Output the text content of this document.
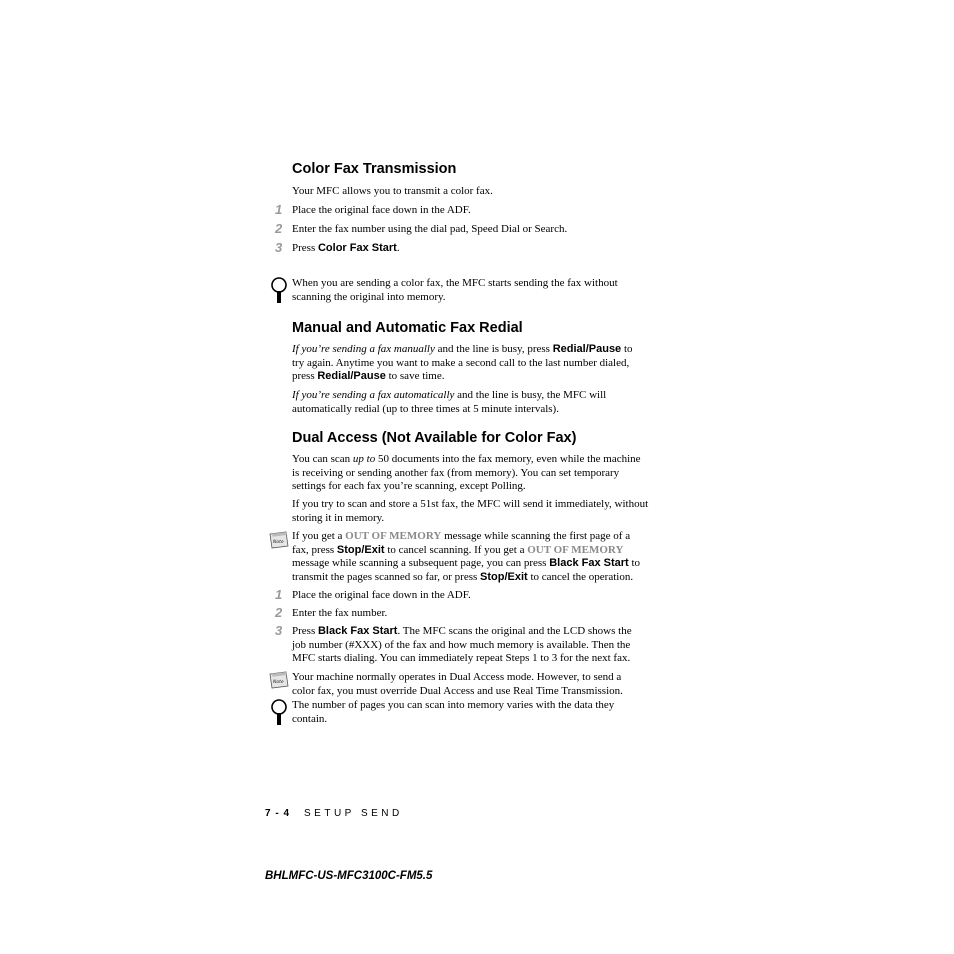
Color Fax Transmission

Your MFC allows you to transmit a color fax.

1 Place the original face down in the ADF.

2 Enter the fax number using the dial pad, Speed Dial or Search.

3 Press Color Fax Start.

When you are sending a color fax, the MFC starts sending the fax without
scanning the original into memory.

Manual and Automatic Fax Redial

If you’re sending a fax manually and the line is busy, press Redial/Pause to
try again. Anytime you want to make a second call to the last number dialed,
press Redial/Pause to save time.

If you’re sending a fax automatically and the line is busy, the MFC will
automatically redial (up to three times at 5 minute intervals).

Dual Access (Not Available for Color Fax)

You can scan up to 50 documents into the fax memory, even while the machine
is receiving or sending another fax (from memory). You can set temporary
settings for each fax you’re scanning, except Polling.

If you try to scan and store a 51st fax, the MFC will send it immediately, without
storing it in memory.

Note

If you get a OUT OF MEMORY message while scanning the first page of a
fax, press Stop/Exit to cancel scanning. If you get a OUT OF MEMORY
message while scanning a subsequent page, you can press Black Fax Start to
transmit the pages scanned so far, or press Stop/Exit to cancel the operation.

1 Place the original face down in the ADF.

2 Enter the fax number.

3 Press Black Fax Start. The MFC scans the original and the LCD shows the
job number (#XXX) of the fax and how much memory is available. Then the
MFC starts dialing. You can immediately repeat Steps 1 to 3 for the next fax.

Note Your machine normally operates in Dual Access mode. However, to send a
color fax, you must override Dual Access and use Real Time Transmission.

The number of pages you can scan into memory varies with the data they
contain.

7 - 4 SETUP SEND
BHLMFC-US-MFC3100C-FM5.5
